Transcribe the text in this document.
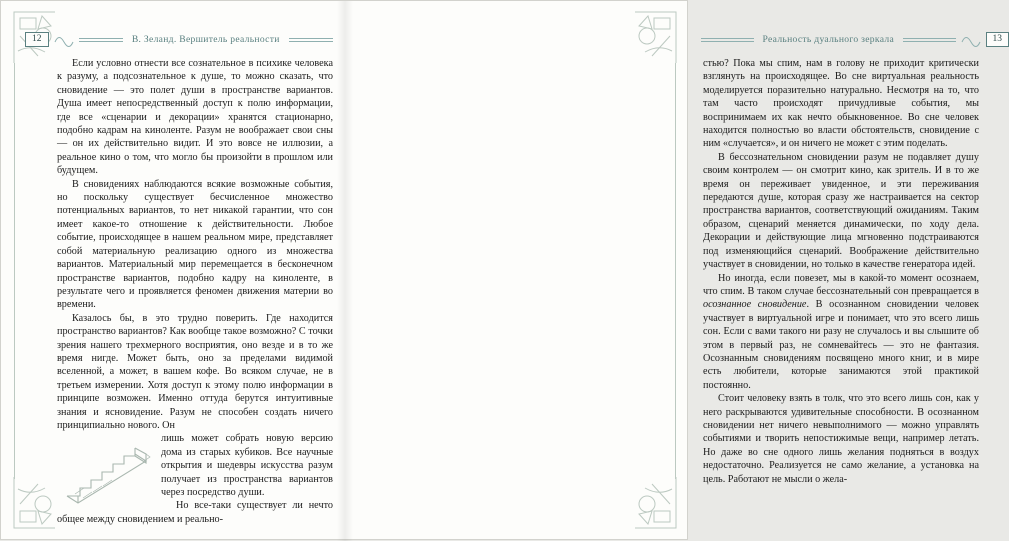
12	В. Зеланд. Вершитель реальности

Если условно отнести все сознательное в психике человека к разуму, а подсознательное к душе, то можно сказать, что сновидение — это полет души в пространстве вариантов. Душа имеет непосредственный доступ к полю информации, где все «сценарии и декорации» хранятся стационарно, подобно кадрам на киноленте. Разум не воображает свои сны — он их действительно видит. И это вовсе не иллюзии, а реальное кино о том, что могло бы произойти в прошлом или будущем.

В сновидениях наблюдаются всякие возможные события, но поскольку существует бесчисленное множество потенциальных вариантов, то нет никакой гарантии, что сон имеет какое-то отношение к действительности. Любое событие, происходящее в нашем реальном мире, представляет собой материальную реализацию одного из множества вариантов. Материальный мир перемещается в бесконечном пространстве вариантов, подобно кадру на киноленте, в результате чего и проявляется феномен движения материи во времени.

Казалось бы, в это трудно поверить. Где находится пространство вариантов? Как вообще такое возможно? С точки зрения нашего трехмерного восприятия, оно везде и в то же время нигде. Может быть, оно за пределами видимой вселенной, а может, в вашем кофе. Во всяком случае, не в третьем измерении. Хотя доступ к этому полю информации в принципе возможен. Именно оттуда берутся интуитивные знания и ясновидение. Разум не способен создать ничего принципиально нового. Он

лишь может собрать новую версию дома из старых кубиков. Все научные открытия и шедевры искусства разум получает из пространства вариантов через посредство души.

Но все-таки существует ли нечто общее между сновидением и реально-

Реальность дуального зеркала	13

стью? Пока мы спим, нам в голову не приходит критически взглянуть на происходящее. Во сне виртуальная реальность моделируется поразительно натурально. Несмотря на то, что там часто происходят причудливые события, мы воспринимаем их как нечто обыкновенное. Во сне человек находится полностью во власти обстоятельств, сновидение с ним «случается», и он ничего не может с этим поделать.

В бессознательном сновидении разум не подавляет душу своим контролем — он смотрит кино, как зритель. И в то же время он переживает увиденное, и эти переживания передаются душе, которая сразу же настраивается на сектор пространства вариантов, соответствующий ожиданиям. Таким образом, сценарий меняется динамически, по ходу дела. Декорации и действующие лица мгновенно подстраиваются под изменяющийся сценарий. Воображение действительно участвует в сновидении, но только в качестве генератора идей.

Но иногда, если повезет, мы в какой-то момент осознаем, что спим. В таком случае бессознательный сон превращается в осознанное сновидение. В осознанном сновидении человек участвует в виртуальной игре и понимает, что это всего лишь сон. Если с вами такого ни разу не случалось и вы слышите об этом в первый раз, не сомневайтесь — это не фантазия. Осознанным сновидениям посвящено много книг, и в мире есть любители, которые занимаются этой практикой постоянно.

Стоит человеку взять в толк, что это всего лишь сон, как у него раскрываются удивительные способности. В осознанном сновидении нет ничего невыполнимого — можно управлять событиями и творить непостижимые вещи, например летать. Но даже во сне одного лишь желания подняться в воздух недостаточно. Реализуется не само желание, а установка на цель. Работают не мысли о жела-
